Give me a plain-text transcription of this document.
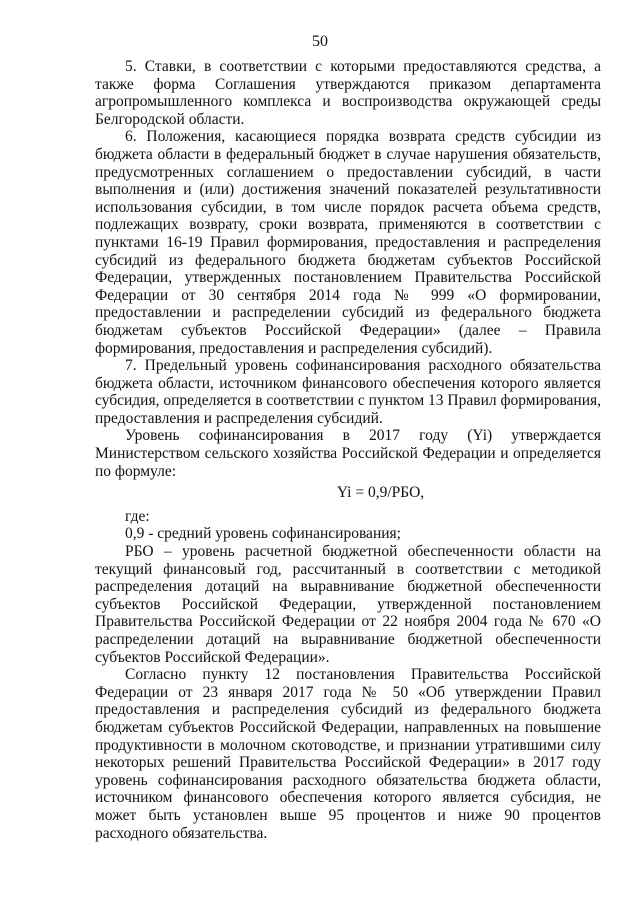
50

5. Ставки, в соответствии с которыми предоставляются средства, а также форма Соглашения утверждаются приказом департамента агропромышленного комплекса и воспроизводства окружающей среды Белгородской области.

6. Положения, касающиеся порядка возврата средств субсидии из бюджета области в федеральный бюджет в случае нарушения обязательств, предусмотренных соглашением о предоставлении субсидий, в части выполнения и (или) достижения значений показателей результативности использования субсидии, в том числе порядок расчета объема средств, подлежащих возврату, сроки возврата, применяются в соответствии с пунктами 16-19 Правил формирования, предоставления и распределения субсидий из федерального бюджета бюджетам субъектов Российской Федерации, утвержденных постановлением Правительства Российской Федерации от 30 сентября 2014 года № 999 «О формировании, предоставлении и распределении субсидий из федерального бюджета бюджетам субъектов Российской Федерации» (далее – Правила формирования, предоставления и распределения субсидий).

7. Предельный уровень софинансирования расходного обязательства бюджета области, источником финансового обеспечения которого является субсидия, определяется в соответствии с пунктом 13 Правил формирования, предоставления и распределения субсидий.

Уровень софинансирования в 2017 году (Yi) утверждается Министерством сельского хозяйства Российской Федерации и определяется по формуле:

Yi = 0,9/РБО,

где:

0,9 - средний уровень софинансирования;

РБО – уровень расчетной бюджетной обеспеченности области на текущий финансовый год, рассчитанный в соответствии с методикой распределения дотаций на выравнивание бюджетной обеспеченности субъектов Российской Федерации, утвержденной постановлением Правительства Российской Федерации от 22 ноября 2004 года № 670 «О распределении дотаций на выравнивание бюджетной обеспеченности субъектов Российской Федерации».

Согласно пункту 12 постановления Правительства Российской Федерации от 23 января 2017 года № 50 «Об утверждении Правил предоставления и распределения субсидий из федерального бюджета бюджетам субъектов Российской Федерации, направленных на повышение продуктивности в молочном скотоводстве, и признании утратившими силу некоторых решений Правительства Российской Федерации» в 2017 году уровень софинансирования расходного обязательства бюджета области, источником финансового обеспечения которого является субсидия, не может быть установлен выше 95 процентов и ниже 90 процентов расходного обязательства.
